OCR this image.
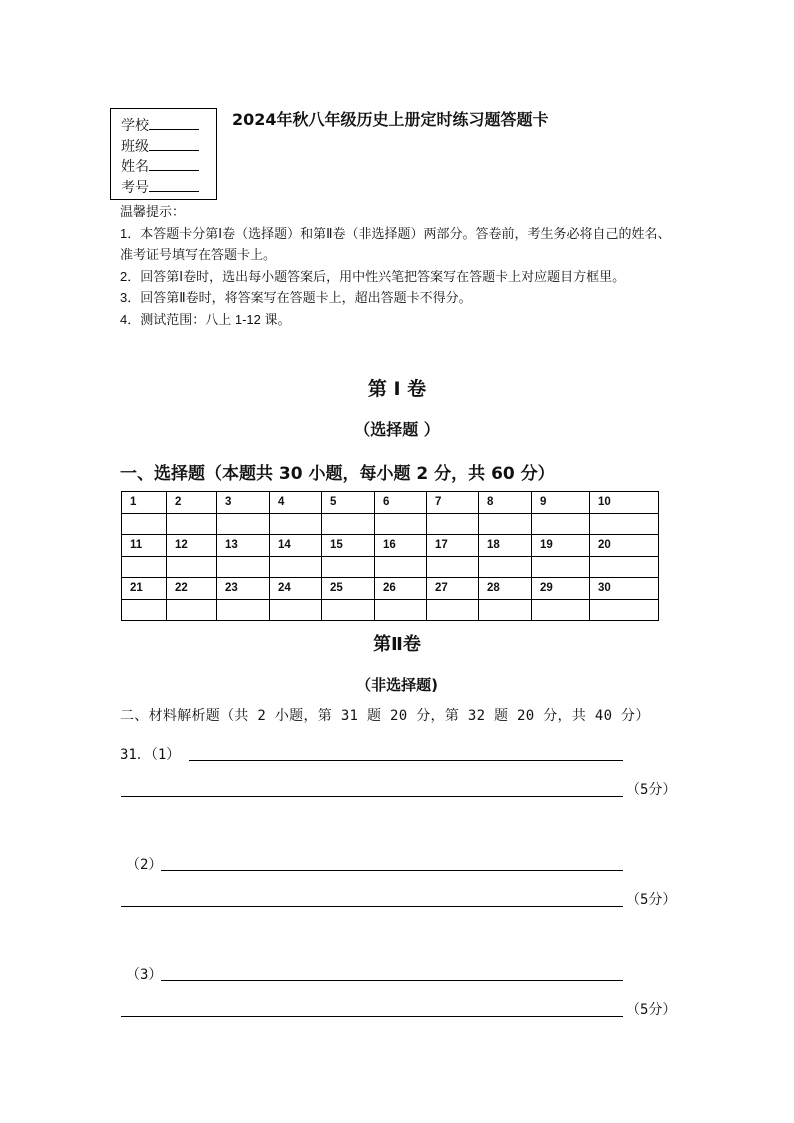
学校
班级
姓名
考号
2024年秋八年级历史上册定时练习题答题卡

温馨提示：

1．本答题卡分第Ⅰ卷（选择题）和第Ⅱ卷（非选择题）两部分。答卷前，考生务必将自己的姓名、准考证号填写在答题卡上。

2．回答第Ⅰ卷时，选出每小题答案后，用中性兴笔把答案写在答题卡上对应题目方框里。

3．回答第Ⅱ卷时，将答案写在答题卡上，超出答题卡不得分。

4．测试范围：八上 1-12 课。

第 I 卷
（选择题 ）
一、选择题（本题共 30 小题，每小题 2 分，共 60 分）
1	2	3	4	5	6	7	8	9	10

11	12	13	14	15	16	17	18	19	20

21	22	23	24	25	26	27	28	29	30

第Ⅱ卷
（非选择题)
二、材料解析题（共 2 小题，第 31 题 20 分，第 32 题 20 分，共 40 分）
31．（1）
（5分）
（2）
（5分）
（3）
（5分）
